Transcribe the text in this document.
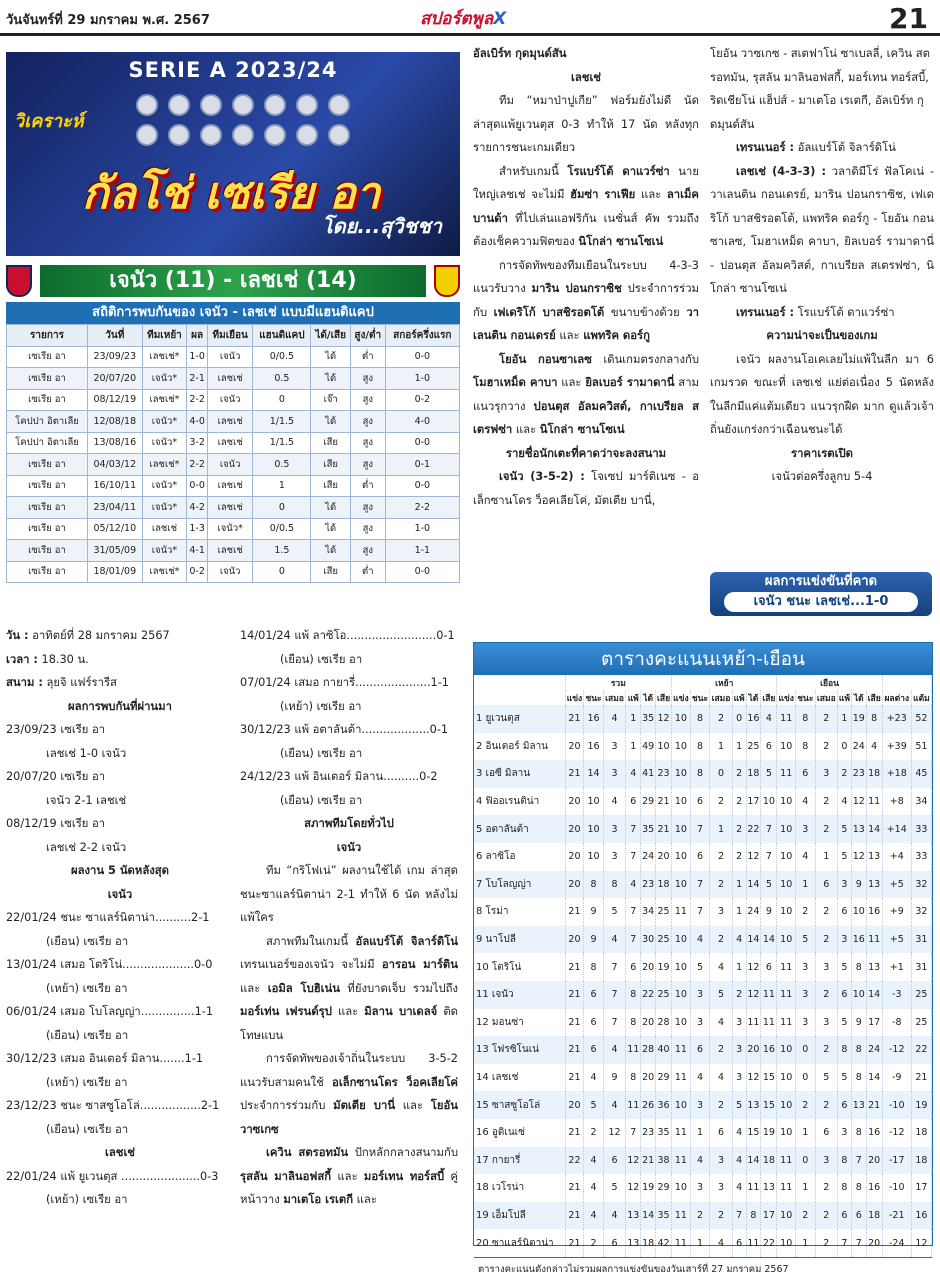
วันจันทร์ที่ 29 มกราคม พ.ศ. 2567	สปอร์ตพูลX	21
SERIE A 2023/24
วิเคราะห์
กัลโช่ เซเรีย อา
โดย...สุวิชชา
เจนัว (11) - เลชเช่ (14)
สถิติการพบกันของ เจนัว - เลชเช่ แบบมีแฮนดิแคป
รายการ	วันที่	ทีมเหย้า	ผล	ทีมเยือน	แฮนดิแคป	ได้/เสีย	สูง/ต่ำ	สกอร์ครึ่งแรก
เซเรีย อา	23/09/23	เลชเช่*	1-0	เจนัว	0/0.5	ได้	ต่ำ	0-0
เซเรีย อา	20/07/20	เจนัว*	2-1	เลชเช่	0.5	ได้	สูง	1-0
เซเรีย อา	08/12/19	เลชเช่*	2-2	เจนัว	0	เจ๊า	สูง	0-2
โคปปา อิตาเลีย	12/08/18	เจนัว*	4-0	เลชเช่	1/1.5	ได้	สูง	4-0
โคปปา อิตาเลีย	13/08/16	เจนัว*	3-2	เลชเช่	1/1.5	เสีย	สูง	0-0
เซเรีย อา	04/03/12	เลชเช่*	2-2	เจนัว	0.5	เสีย	สูง	0-1
เซเรีย อา	16/10/11	เจนัว*	0-0	เลชเช่	1	เสีย	ต่ำ	0-0
เซเรีย อา	23/04/11	เจนัว*	4-2	เลชเช่	0	ได้	สูง	2-2
เซเรีย อา	05/12/10	เลชเช่	1-3	เจนัว*	0/0.5	ได้	สูง	1-0
เซเรีย อา	31/05/09	เจนัว*	4-1	เลชเช่	1.5	ได้	สูง	1-1
เซเรีย อา	18/01/09	เลชเช่*	0-2	เจนัว	0	เสีย	ต่ำ	0-0
วัน : อาทิตย์ที่ 28 มกราคม 2567
เวลา : 18.30 น.
สนาม : ลุยจิ แฟร์รารีส
ผลการพบกันที่ผ่านมา
23/09/23 เซเรีย อา
เลชเช่ 1-0 เจนัว
20/07/20 เซเรีย อา
เจนัว 2-1 เลชเช่
08/12/19 เซเรีย อา
เลชเช่ 2-2 เจนัว
ผลงาน 5 นัดหลังสุด
เจนัว
22/01/24 ชนะ ซาแลร์นิตาน่า..........2-1
(เยือน) เซเรีย อา
13/01/24 เสมอ โตริโน่....................0-0
(เหย้า) เซเรีย อา
06/01/24 เสมอ โบโลญญ่า...............1-1
(เยือน) เซเรีย อา
30/12/23 เสมอ อินเตอร์ มิลาน.......1-1
(เหย้า) เซเรีย อา
23/12/23 ชนะ ซาสซูโอโล่.................2-1
(เยือน) เซเรีย อา
เลชเช่
22/01/24 แพ้ ยูเวนตุส ......................0-3
(เหย้า) เซเรีย อา
14/01/24 แพ้ ลาซิโอ.........................0-1
(เยือน) เซเรีย อา
07/01/24 เสมอ กายารี่.....................1-1
(เหย้า) เซเรีย อา
30/12/23 แพ้ อตาลันต้า...................0-1
(เยือน) เซเรีย อา
24/12/23 แพ้ อินเตอร์ มิลาน..........0-2
(เยือน) เซเรีย อา
สภาพทีมโดยทั่วไป
เจนัว
ทีม “กริโฟเน่” ผลงานใช้ได้ เกม ล่าสุดชนะซาแลร์นิตาน่า 2-1 ทำให้ 6 นัด หลังไม่แพ้ใคร
สภาพทีมในเกมนี้ อัลแบร์โต้ จิลาร์ดิโน่ เทรนเนอร์ของเจนัว จะไม่มี อารอน มาร์ติน และ เอมิล โบฮิเน่น ที่ยังบาดเจ็บ รวมไปถึง มอร์เท่น เฟรนด์รุป และ มิลาน บาเดลจ์ ติดโทษแบน
การจัดทัพของเจ้าถิ่นในระบบ 3-5-2 แนวรับสามคนใช้ อเล็กซานโดร ว็อคเลียโค่ ประจำการร่วมกับ มัตเตีย บานี่ และ โยอัน วาซเกซ
เควิน สตรอทมัน ปักหลักกลางสนามกับ รุสลัน มาลินอฟสกี้ และ มอร์เทน ทอร์สบี้ คู่หน้าวาง มาเตโอ เรเตกี และ
อัลเบิร์ท กุดมุนด์สัน
เลชเช่
ทีม “หมาป่าปูเกีย” ฟอร์มยังไม่ดี นัดล่าสุดแพ้ยูเวนตุส 0-3 ทำให้ 17 นัด หลังทุกรายการชนะเกมเดียว
สำหรับเกมนี้ โรแบร์โต้ ดาแวร์ซ่า นายใหญ่เลชเช่ จะไม่มี ฮัมซ่า ราเฟีย และ ลาเม็ค บานด้า ที่ไปเล่นแอฟริกัน เนชั่นส์ คัพ รวมถึงต้องเช็คความฟิตของ นิโกล่า ซานโซเน่
การจัดทัพของทีมเยือนในระบบ 4-3-3 แนวรับวาง มาริน ปอนกราซิช ประจำการร่วมกับ เฟเดริโก้ บาสชิรอตโต้ ขนาบข้างด้วย วาเลนติน กอนเดรย์ และ แพทริค ดอร์กู
โยอัน กอนซาเลซ เดินเกมตรงกลางกับ โมฮาเหม็ด คาบา และ ยิลเบอร์ รามาดานี่ สามแนวรุกวาง ปอนตุส อัลมควิสต์, กาเบรียล สเตรฟซ่า และ นิโกล่า ซานโซเน่
รายชื่อนักเตะที่คาดว่าจะลงสนาม
เจนัว (3-5-2) : โจเซป มาร์ติเนซ - อเล็กซานโดร ว็อคเลียโค่, มัตเตีย บานี่,
โยอัน วาซเกซ - สเตฟาโน่ ซาเบลลี่, เควิน สตรอทมัน, รุสลัน มาลินอฟสกี้, มอร์เทน ทอร์สบี้, ริดเชียโน่ แฮ็ปส์ - มาเตโอ เรเตกี, อัลเบิร์ท กุดมุนด์สัน
เทรนเนอร์ : อัลแบร์โต้ จิลาร์ดิโน่
เลชเช่ (4-3-3) : วลาดิมีโร่ ฟัลโคเน่ - วาเลนติน กอนเดรย์, มาริน ปอนกราซิช, เฟเดริโก้ บาสชิรอตโต้, แพทริค ดอร์กู - โยอัน กอนซาเลซ, โมฮาเหม็ด คาบา, ยิลเบอร์ รามาดานี่ - ปอนตุส อัลมควิสต์, กาเบรียล สเตรฟซ่า, นิโกล่า ซานโซเน่
เทรนเนอร์ : โรแบร์โต้ ดาแวร์ซ่า
ความน่าจะเป็นของเกม
เจนัว ผลงานโอเคเลยไม่แพ้ในลีก มา 6 เกมรวด ขณะที่ เลชเช่ แย่ต่อเนื่อง 5 นัดหลังในลีกมีแค่แต้มเดียว แนวรุกฝืด มาก ดูแล้วเจ้าถิ่นยังแกร่งกว่าเฉือนชนะได้
ราคาเรตเปิด
เจนัวต่อครึ่งลูกบ 5-4
ผลการแข่งขันที่คาด
เจนัว ชนะ เลชเช่...1-0
ตารางคะแนนเหย้า-เยือน
	รวม						เหย้า						เยือน							
	แข่ง	ชนะ	เสมอ	แพ้	ได้	เสีย	แข่ง	ชนะ	เสมอ	แพ้	ได้	เสีย	แข่ง	ชนะ	เสมอ	แพ้	ได้	เสีย	ผลต่าง	แต้ม
1 ยูเวนตุส	21	16	4	1	35	12	10	8	2	0	16	4	11	8	2	1	19	8	+23	52
2 อินเตอร์ มิลาน	20	16	3	1	49	10	10	8	1	1	25	6	10	8	2	0	24	4	+39	51
3 เอซี มิลาน	21	14	3	4	41	23	10	8	0	2	18	5	11	6	3	2	23	18	+18	45
4 ฟิออเรนติน่า	20	10	4	6	29	21	10	6	2	2	17	10	10	4	2	4	12	11	+8	34
5 อตาลันต้า	20	10	3	7	35	21	10	7	1	2	22	7	10	3	2	5	13	14	+14	33
6 ลาซิโอ	20	10	3	7	24	20	10	6	2	2	12	7	10	4	1	5	12	13	+4	33
7 โบโลญญ่า	20	8	8	4	23	18	10	7	2	1	14	5	10	1	6	3	9	13	+5	32
8 โรม่า	21	9	5	7	34	25	11	7	3	1	24	9	10	2	2	6	10	16	+9	32
9 นาโปลี	20	9	4	7	30	25	10	4	2	4	14	14	10	5	2	3	16	11	+5	31
10 โตริโน่	21	8	7	6	20	19	10	5	4	1	12	6	11	3	3	5	8	13	+1	31
11 เจนัว	21	6	7	8	22	25	10	3	5	2	12	11	11	3	2	6	10	14	-3	25
12 มอนซ่า	21	6	7	8	20	28	10	3	4	3	11	11	11	3	3	5	9	17	-8	25
13 โฟรซิโนเน่	21	6	4	11	28	40	11	6	2	3	20	16	10	0	2	8	8	24	-12	22
14 เลชเช่	21	4	9	8	20	29	11	4	4	3	12	15	10	0	5	5	8	14	-9	21
15 ซาสซูโอโล่	20	5	4	11	26	36	10	3	2	5	13	15	10	2	2	6	13	21	-10	19
16 อูดิเนเซ่	21	2	12	7	23	35	11	1	6	4	15	19	10	1	6	3	8	16	-12	18
17 กายารี่	22	4	6	12	21	38	11	4	3	4	14	18	11	0	3	8	7	20	-17	18
18 เวโรน่า	21	4	5	12	19	29	10	3	3	4	11	13	11	1	2	8	8	16	-10	17
19 เอ็มโปลี	21	4	4	13	14	35	11	2	2	7	8	17	10	2	2	6	6	18	-21	16
20 ซาแลร์นิตาน่า	21	2	6	13	18	42	11	1	4	6	11	22	10	1	2	7	7	20	-24	12
ตารางคะแนนดังกล่าวไม่รวมผลการแข่งขันของวันเสาร์ที่ 27 มกราคม 2567
